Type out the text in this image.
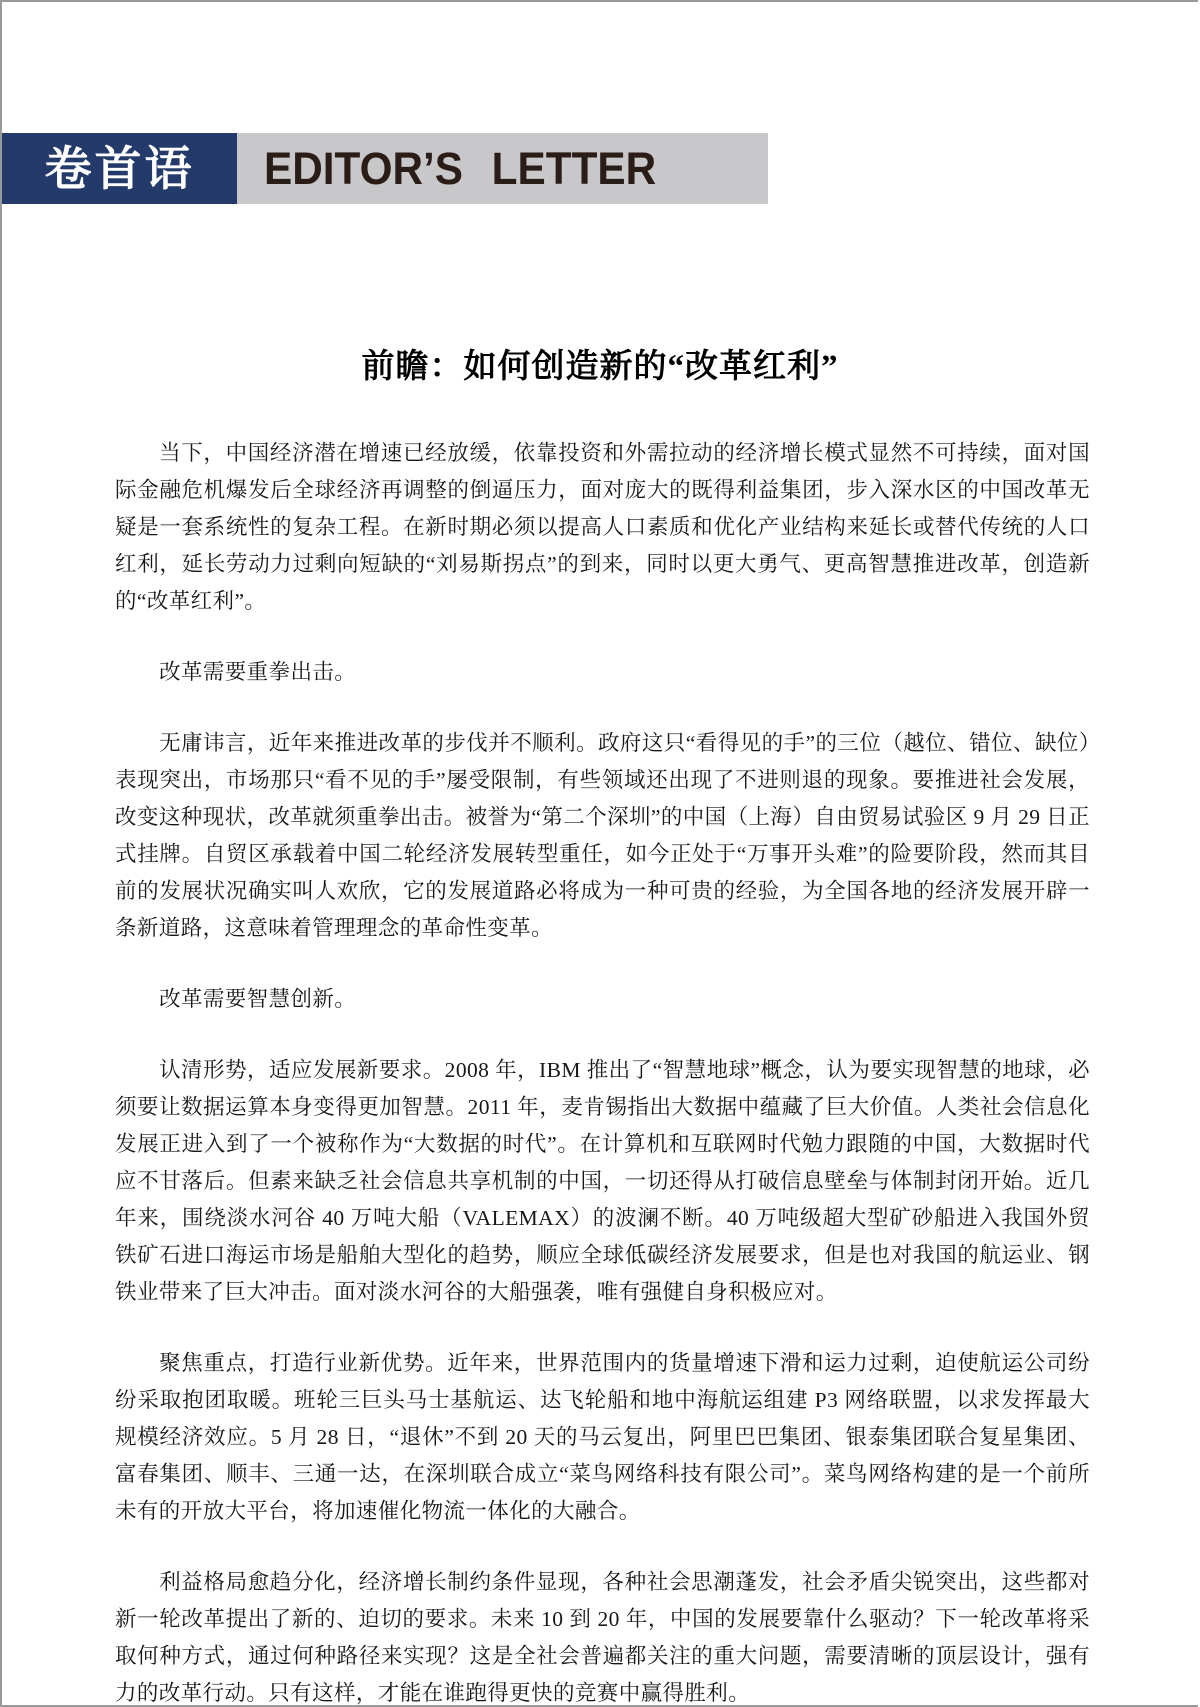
卷首语 EDITOR’S LETTER
前瞻：如何创造新的“改革红利”

当下，中国经济潜在增速已经放缓，依靠投资和外需拉动的经济增长模式显然不可持续，面对国际金融危机爆发后全球经济再调整的倒逼压力，面对庞大的既得利益集团，步入深水区的中国改革无疑是一套系统性的复杂工程。在新时期必须以提高人口素质和优化产业结构来延长或替代传统的人口红利，延长劳动力过剩向短缺的“刘易斯拐点”的到来，同时以更大勇气、更高智慧推进改革，创造新的“改革红利”。

改革需要重拳出击。

无庸讳言，近年来推进改革的步伐并不顺利。政府这只“看得见的手”的三位（越位、错位、缺位）表现突出，市场那只“看不见的手”屡受限制，有些领域还出现了不进则退的现象。要推进社会发展，改变这种现状，改革就须重拳出击。被誉为“第二个深圳”的中国（上海）自由贸易试验区 9 月 29 日正式挂牌。自贸区承载着中国二轮经济发展转型重任，如今正处于“万事开头难”的险要阶段，然而其目前的发展状况确实叫人欢欣，它的发展道路必将成为一种可贵的经验，为全国各地的经济发展开辟一条新道路，这意味着管理理念的革命性变革。

改革需要智慧创新。

认清形势，适应发展新要求。2008 年，IBM 推出了“智慧地球”概念，认为要实现智慧的地球，必须要让数据运算本身变得更加智慧。2011 年，麦肯锡指出大数据中蕴藏了巨大价值。人类社会信息化发展正进入到了一个被称作为“大数据的时代”。在计算机和互联网时代勉力跟随的中国，大数据时代应不甘落后。但素来缺乏社会信息共享机制的中国，一切还得从打破信息壁垒与体制封闭开始。近几年来，围绕淡水河谷 40 万吨大船（VALEMAX）的波澜不断。40 万吨级超大型矿砂船进入我国外贸铁矿石进口海运市场是船舶大型化的趋势，顺应全球低碳经济发展要求，但是也对我国的航运业、钢铁业带来了巨大冲击。面对淡水河谷的大船强袭，唯有强健自身积极应对。

聚焦重点，打造行业新优势。近年来，世界范围内的货量增速下滑和运力过剩，迫使航运公司纷纷采取抱团取暖。班轮三巨头马士基航运、达飞轮船和地中海航运组建 P3 网络联盟，以求发挥最大规模经济效应。5 月 28 日，“退休”不到 20 天的马云复出，阿里巴巴集团、银泰集团联合复星集团、富春集团、顺丰、三通一达，在深圳联合成立“菜鸟网络科技有限公司”。菜鸟网络构建的是一个前所未有的开放大平台，将加速催化物流一体化的大融合。

利益格局愈趋分化，经济增长制约条件显现，各种社会思潮蓬发，社会矛盾尖锐突出，这些都对新一轮改革提出了新的、迫切的要求。未来 10 到 20 年，中国的发展要靠什么驱动？下一轮改革将采取何种方式，通过何种路径来实现？这是全社会普遍都关注的重大问题，需要清晰的顶层设计，强有力的改革行动。只有这样，才能在谁跑得更快的竞赛中赢得胜利。
